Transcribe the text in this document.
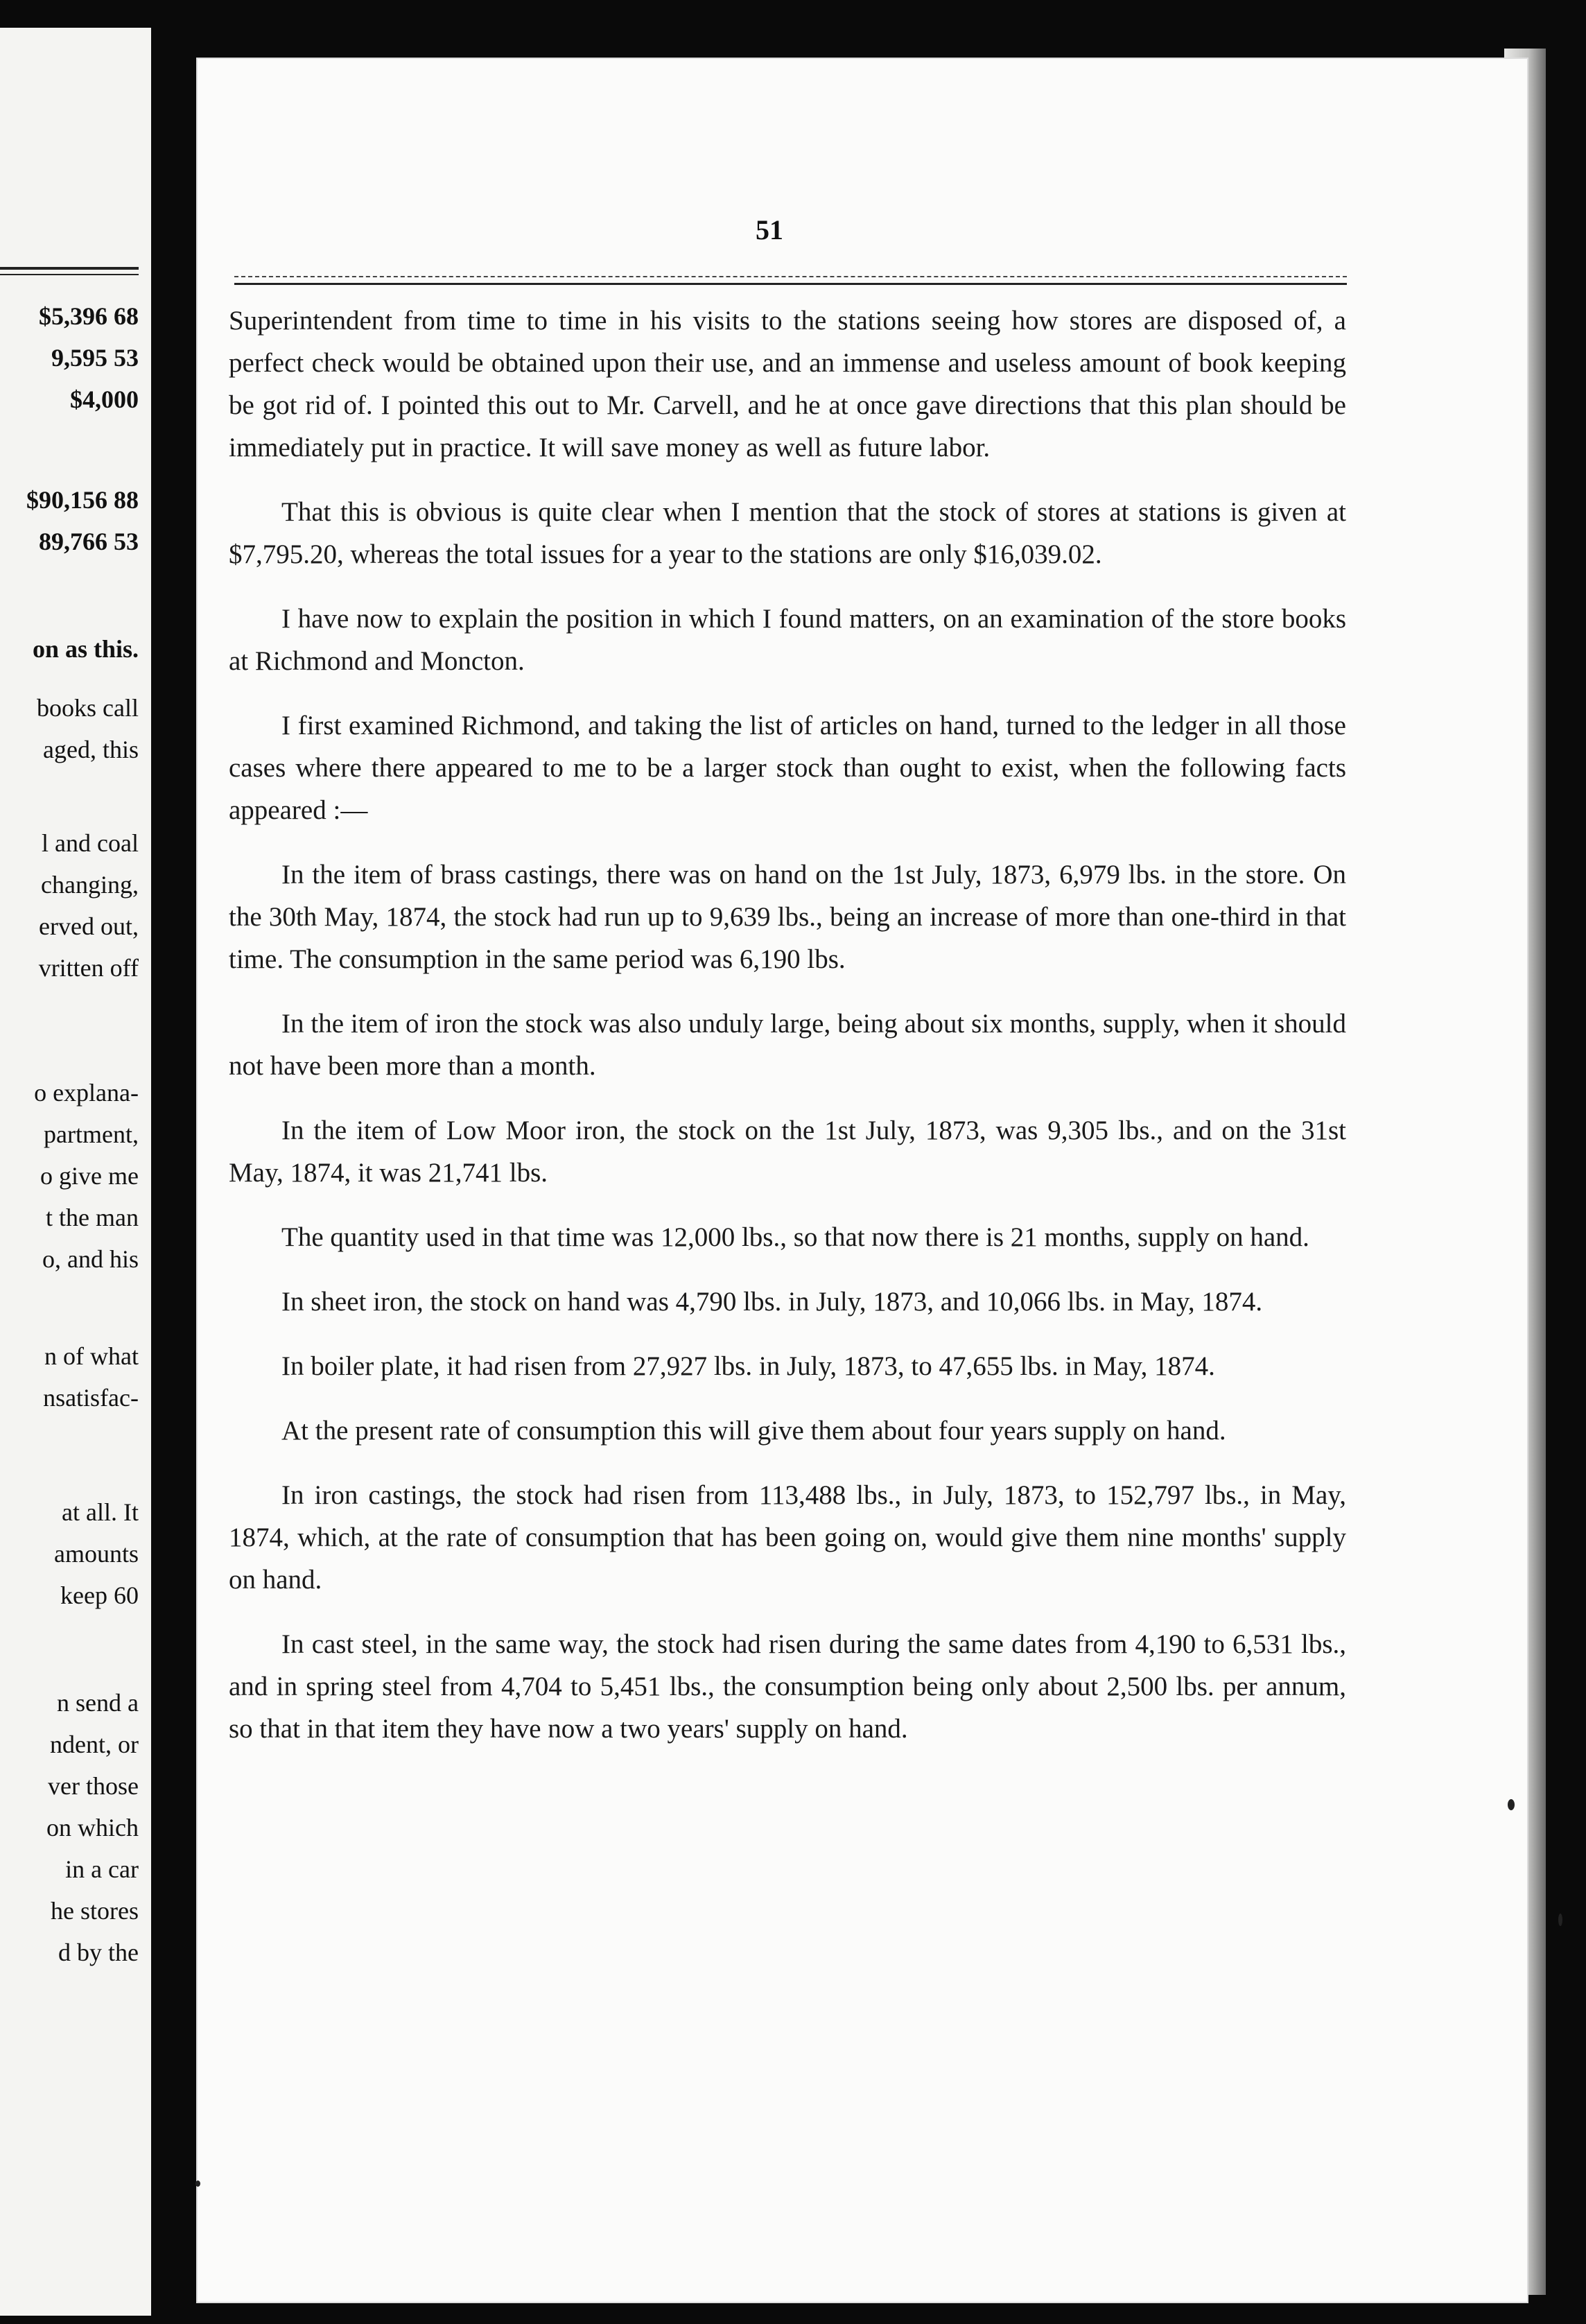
$5,396 68
9,595 53
$4,000
$90,156 88
89,766 53
on as this.
books call
aged, this
l and coal
changing,
erved out,
vritten off
o explana-
partment,
o give me
t the man
o, and his
n of what
nsatisfac-
at all. It
amounts
keep 60
n send a
ndent, or
ver those
on which
in a car
he stores
d by the
51

Superintendent from time to time in his visits to the stations seeing how stores are disposed of, a perfect check would be obtained upon their use, and an immense and useless amount of book keeping be got rid of. I pointed this out to Mr. Carvell, and he at once gave directions that this plan should be immediately put in practice. It will save money as well as future labor.

That this is obvious is quite clear when I mention that the stock of stores at stations is given at $7,795.20, whereas the total issues for a year to the stations are only $16,039.02.

I have now to explain the position in which I found matters, on an examination of the store books at Richmond and Moncton.

I first examined Richmond, and taking the list of articles on hand, turned to the ledger in all those cases where there appeared to me to be a larger stock than ought to exist, when the following facts appeared :—

In the item of brass castings, there was on hand on the 1st July, 1873, 6,979 lbs. in the store. On the 30th May, 1874, the stock had run up to 9,639 lbs., being an increase of more than one-third in that time. The consumption in the same period was 6,190 lbs.

In the item of iron the stock was also unduly large, being about six months, supply, when it should not have been more than a month.

In the item of Low Moor iron, the stock on the 1st July, 1873, was 9,305 lbs., and on the 31st May, 1874, it was 21,741 lbs.

The quantity used in that time was 12,000 lbs., so that now there is 21 months, supply on hand.

In sheet iron, the stock on hand was 4,790 lbs. in July, 1873, and 10,066 lbs. in May, 1874.

In boiler plate, it had risen from 27,927 lbs. in July, 1873, to 47,655 lbs. in May, 1874.

At the present rate of consumption this will give them about four years supply on hand.

In iron castings, the stock had risen from 113,488 lbs., in July, 1873, to 152,797 lbs., in May, 1874, which, at the rate of consumption that has been going on, would give them nine months' supply on hand.

In cast steel, in the same way, the stock had risen during the same dates from 4,190 to 6,531 lbs., and in spring steel from 4,704 to 5,451 lbs., the consumption being only about 2,500 lbs. per annum, so that in that item they have now a two years' supply on hand.
